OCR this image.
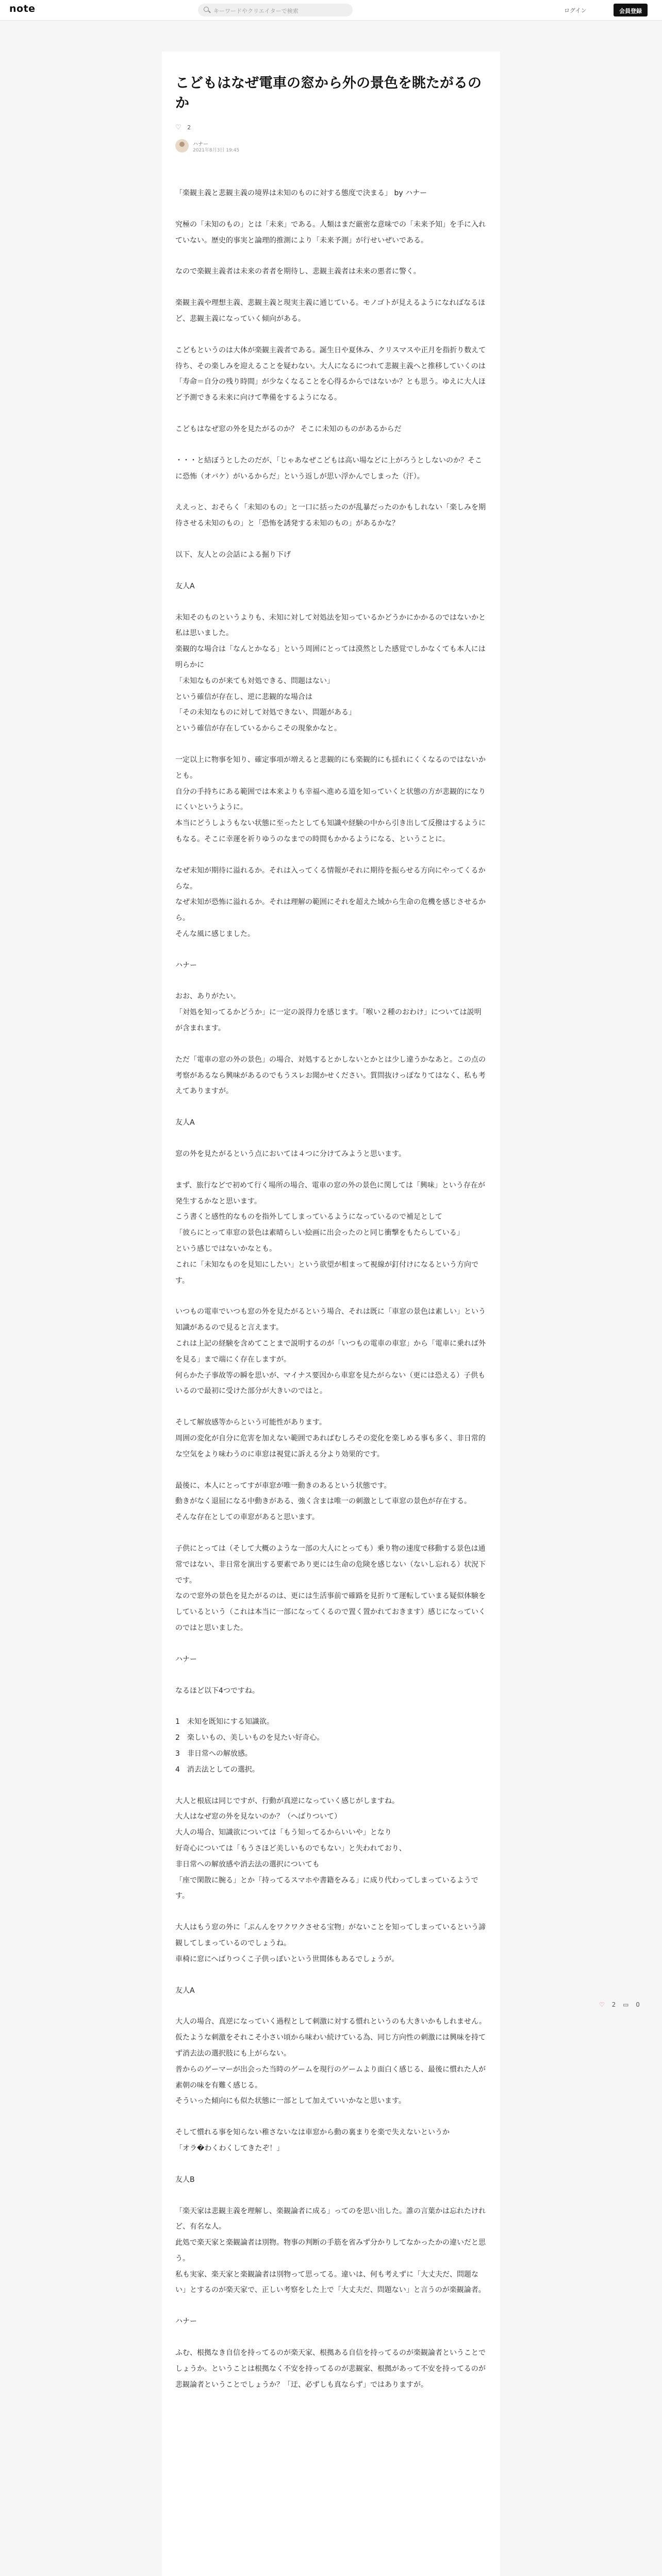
note	キーワードやクリエイターで検索	ログイン	会員登録
こどもはなぜ電車の窓から外の景色を眺たがるのか
♡ 2
ハナー
2021年8月3日 19:45

「楽観主義と悲観主義の境界は未知のものに対する態度で決まる」 by ハナー

究極の「未知のもの」とは「未来」である。人類はまだ厳密な意味での「未来予知」を手に入れていない。歴史的事実と論理的推測により「未来予測」が行せいぜいである。

なので楽観主義者は未来の者者を期待し、悲観主義者は未来の悪者に警く。

楽観主義や理想主義、悲観主義と現実主義に通じている。モノゴトが見えるようになればなるほど、悲観主義になっていく傾向がある。

こどもというのは大体が楽観主義者である。誕生日や夏休み、クリスマスや正月を指折り数えて待ち、その楽しみを迎えることを疑わない。大人になるにつれて悲観主義へと推移していくのは「寿命＝自分の残り時間」が少なくなることを心得るからではないか？とも思う。ゆえに大人ほど予測できる未来に向けて準備をするようになる。

こどもはなぜ窓の外を見たがるのか？ そこに未知のものがあるからだ

・・・と結ぼうとしたのだが、「じゃあなぜこどもは高い場などに上がろうとしないのか？そこに恐怖（オバケ）がいるからだ」という返しが思い浮かんでしまった（汗）。

ええっと、おそらく「未知のもの」と一口に括ったのが乱暴だったのかもしれない「楽しみを期待させる未知のもの」と「恐怖を誘発する未知のもの」があるかな？

以下、友人との会話による掘り下げ

友人A

未知そのものというよりも、未知に対して対処法を知っているかどうかにかかるのではないかと私は思いました。
楽観的な場合は「なんとかなる」という周囲にとっては漠然とした感覚でしかなくても本人には明らかに
「未知なものが来ても対処できる、問題はない」
という確信が存在し、逆に悲観的な場合は
「その未知なものに対して対処できない、問題がある」
という確信が存在しているからこその現象かなと。

一定以上に物事を知り、確定事項が増えると悲観的にも楽観的にも揺れにくくなるのではないかとも。
自分の手持ちにある範囲では本来よりも幸福へ進める道を知っていくと状態の方が悲観的になりにくいというように。
本当にどうしようもない状態に至ったとしても知識や経験の中から引き出して反撥はするようにもなる。そこに幸運を祈りゆうのなまでの時間もかかるようになる、ということに。

なぜ未知が期待に溢れるか。それは入ってくる情報がそれに期待を振らせる方向にやってくるからな。
なぜ未知が恐怖に溢れるか。それは理解の範囲にそれを超えた域から生命の危機を感じさせるから。
そんな風に感じました。

ハナー

おお、ありがたい。
「対処を知ってるかどうか」に一定の説得力を感じます。「喉い２種のおわけ」については説明が含まれます。

ただ「電車の窓の外の景色」の場合、対処するとかしないとかとは少し違うかなあと。この点の考察があるなら興味があるのでもうスレお聞かせください。質問抜けっぽなりてはなく、私も考えてありますが。

友人A

窓の外を見たがるという点においては４つに分けてみようと思います。

まず、旅行などで初めて行く場所の場合、電車の窓の外の景色に関しては「興味」という存在が発生するかなと思います。
こう書くと感性的なものを指外してしまっているようになっているので補足として
「彼らにとって車窓の景色は素晴らしい絵画に出会ったのと同じ衝撃をもたらしている」
という感じではないかなとも。
これに「未知なものを見知にしたい」という欲望が相まって視線が釘付けになるという方向です。

いつもの電車でいつも窓の外を見たがるという場合、それは既に「車窓の景色は素しい」という知識があるので見ると言えます。
これは上記の経験を含めてことまで説明するのが「いつもの電車の車窓」から「電車に乗れば外を見る」まで端にく存在しますが。
何らかた子事故等の瞬を思いが、マイナス要因から車窓を見たがらない（更には恐える）子供もいるので最初に受けた部分が大きいのではと。

そして解放感等からという可能性があります。
周囲の変化が自分に危害を加えない範囲であればむしろその変化を楽しめる事も多く、非日常的な空気をより味わうのに車窓は視覚に訴える分より効果的です。

最後に、本人にとってすが車窓が唯一動きのあるという状態です。
動きがなく退屈になる中動きがある、強く含まは唯一の刺激として車窓の景色が存在する。
そんな存在としての車窓があると思います。

子供にとっては（そして大概のような一部の大人にとっても）乗り物の速度で移動する景色は通常ではない、非日常を演出する要素であり更には生命の危険を感じない（ないし忘れる）状況下です。
なので窓外の景色を見たがるのは、更には生活事前で確路を見折りて運転していまる疑似体験をしているという（これは本当に一部になってくるので置く置かれておきます）感じになっていくのではと思いました。

ハナー

なるほど以下4つですね。

1　未知を既知にする知識欲。
2　楽しいもの、美しいものを見たい好奇心。
3　非日常への解放感。
4　消去法としての選択。

大人と根底は同じですが、行動が真逆になっていく感じがしますね。
大人はなぜ窓の外を見ないのか？（へばりついて）
大人の場合、知識欲については「もう知ってるからいいや」となり
好奇心については「もうさほど美しいものでもない」と失われており、
非日常への解放感や消去法の選択についても
「座で閑散に腕る」とか「持ってるスマホや書籍をみる」に成り代わってしまっているようです。

大人はもう窓の外に「ぷんんをワクワクさせる宝物」がないことを知ってしまっているという諦観してしまっているのでしょうね。
車椅に窓にへばりつくこ子供っぽいという世間体もあるでしょうが。

友人A

大人の場合、真逆になっていく過程として刺激に対する慣れというのも大きいかもしれません。
仮たような刺激をそれこそ小さい頃から味わい続けている為、同じ方向性の刺激には興味を持てず消去法の選択肢にも上がらない。
普からのゲーマーが出会った当時のゲームを現行のゲームより面白く感じる、最後に慣れた人が素朝の味を有難く感じる。
そういった傾向にも似た状態に一部として加えていいかなと思います。

そして慣れる事を知らない稚さないなは車窓から動の裏まりを楽で失えないというか
「オラ�わくわくしてきたぞ！」

友人B

「楽天家は悲観主義を理解し、楽観論者に成る」ってのを思い出した。誰の言葉かは忘れたけれど、有名な人。
此処で楽天家と楽観論者は別物。物事の判断の手筋を省みず分かりしてなかったかの違いだと思う。
私も実家、楽天家と楽観論者は別物って思ってる。違いは、何も考えずに「大丈夫だ、問題ない」とするのが楽天家で、正しい考察をした上で「大丈夫だ、問題ない」と言うのが楽観論者。

ハナー

ふむ、根拠なき自信を持ってるのが楽天家、根拠ある自信を持ってるのが楽観論者ということでしょうか。ということは根拠なく不安を持ってるのが悲観家、根拠があって不安を持ってるのが悲観論者ということでしょうか？「迂、必ずしも真ならず」ではありますが。

♡ 2 ▭ 0
